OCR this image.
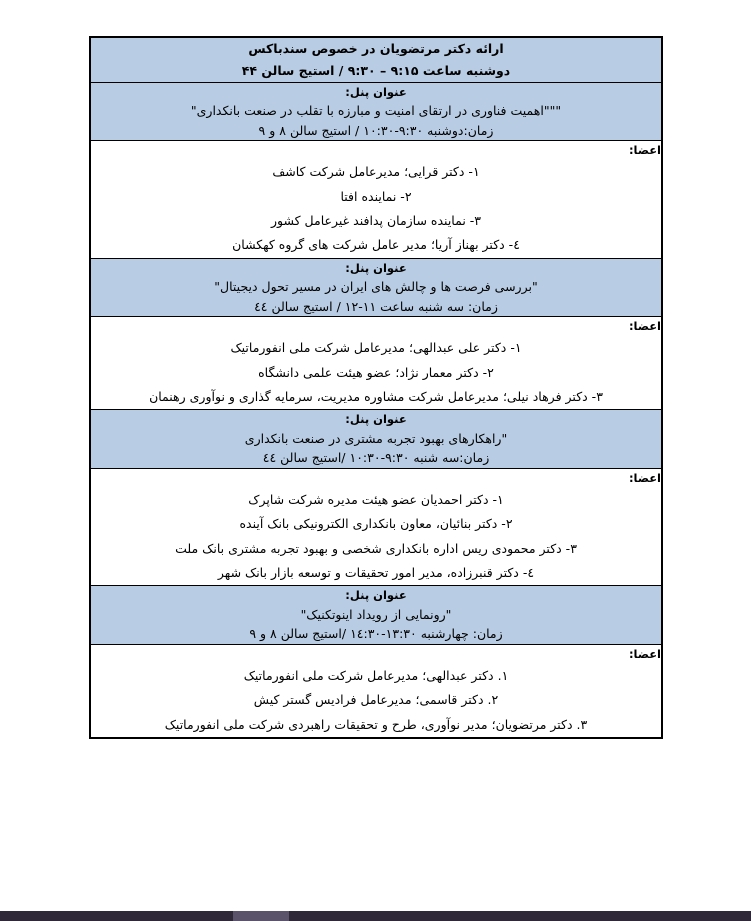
ارائه دکتر مرتضویان در خصوص سندباکس
دوشنبه ساعت ۹:۱۵ – ۹:۳۰ / استیج سالن ۴۴

عنوان پنل:
"""اهمیت فناوری در ارتقای امنیت و مبارزه با تقلب در صنعت بانکداری"
زمان:دوشنبه ۹:۳۰-۱۰:۳۰ / استیج سالن ۸ و ۹

اعضا:
۱- دکتر قرایی؛ مدیرعامل شرکت کاشف
۲- نماینده افتا
۳- نماینده سازمان پدافند غیرعامل کشور
٤- دکتر بهناز آریا؛ مدیر عامل شرکت های گروه کهکشان

عنوان پنل:
"بررسی فرصت ها و چالش های ایران در مسیر تحول دیجیتال"
زمان: سه شنبه ساعت ۱۱-۱۲ / استیج سالن ٤٤

اعضا:
۱- دکتر علی عبدالهی؛ مدیرعامل شرکت ملی انفورماتیک
۲- دکتر معمار نژاد؛ عضو هیئت علمی دانشگاه
۳- دکتر فرهاد نیلی؛ مدیرعامل شرکت مشاوره مدیریت، سرمایه گذاری و نوآوری رهنمان

عنوان پنل:
"راهکارهای بهبود تجربه مشتری در صنعت بانکداری
زمان:سه شنبه ۹:۳۰-۱۰:۳۰ /استیج سالن ٤٤

اعضا:
۱- دکتر احمدیان عضو هیئت مدیره شرکت شاپرک
۲- دکتر بنائیان، معاون بانکداری الکترونیکی بانک آینده
۳- دکتر محمودی ریس اداره بانکداری شخصی و بهبود تجربه مشتری بانک ملت
٤- دکتر قنبرزاده، مدیر امور تحقیقات و توسعه بازار بانک شهر

عنوان پنل:
"رونمایی از رویداد اینوتکنیک"
زمان: چهارشنبه ۱۳:۳۰-۱٤:۳۰ /استیج سالن ۸ و ۹

اعضا:
۱. دکتر عبدالهی؛ مدیرعامل شرکت ملی انفورماتیک
۲. دکتر قاسمی؛ مدیرعامل فرادیس گستر کیش
۳. دکتر مرتضویان؛ مدیر نوآوری، طرح و تحقیقات راهبردی شرکت ملی انفورماتیک
